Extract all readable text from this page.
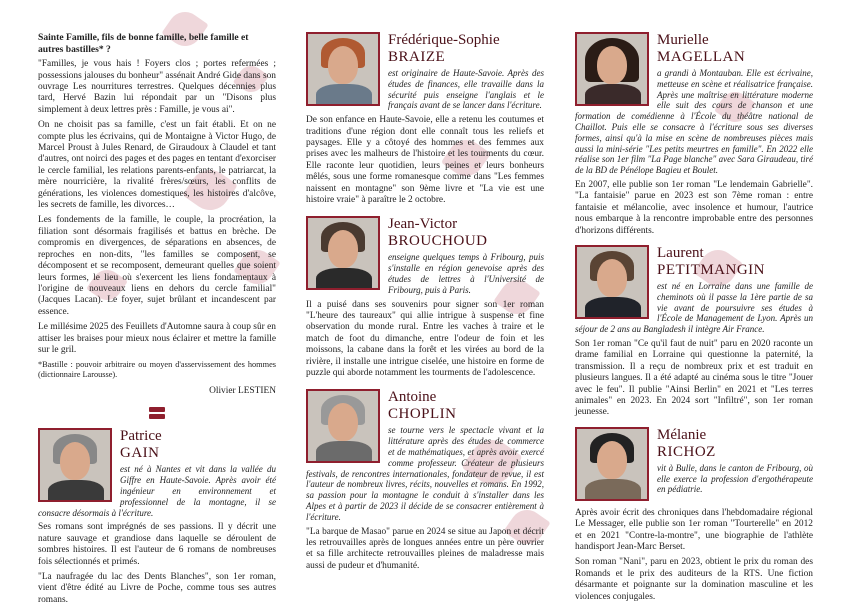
Sainte Famille, fils de bonne famille, belle famille et autres bastilles* ?

"Familles, je vous hais ! Foyers clos ; portes refermées ; possessions jalouses du bonheur" assénait André Gide dans son ouvrage Les nourritures terrestres. Quelques décennies plus tard, Hervé Bazin lui répondait par un "Disons plus simplement à deux lettres près : Famille, je vous ai".

On ne choisit pas sa famille, c'est un fait établi. Et on ne compte plus les écrivains, qui de Montaigne à Victor Hugo, de Marcel Proust à Jules Renard, de Giraudoux à Claudel et tant d'autres, ont noirci des pages et des pages en tentant d'exorciser le cercle familial, les relations parents-enfants, le patriarcat, la mère nourricière, la rivalité frères/sœurs, les conflits de générations, les violences domestiques, les histoires d'alcôve, les secrets de famille, les divorces…

Les fondements de la famille, le couple, la procréation, la filiation sont désormais fragilisés et battus en brèche. De compromis en divergences, de séparations en absences, de reproches en non-dits, "les familles se composent, se décomposent et se recomposent, demeurant quelles que soient leurs formes, le lieu où s'exercent les liens fondamentaux à l'origine de nouveaux liens en dehors du cercle familial" (Jacques Lacan). Le foyer, sujet brûlant et incandescent par essence.

Le millésime 2025 des Feuillets d'Automne saura à coup sûr en attiser les braises pour mieux nous éclairer et mettre la famille sur le gril.

*Bastille : pouvoir arbitraire ou moyen d'asservissement des hommes (dictionnaire Larousse).

Olivier LESTIEN
Patrice
GAIN

est né à Nantes et vit dans la vallée du Giffre en Haute-Savoie. Après avoir été ingénieur en environnement et professionnel de la montagne, il se consacre désormais à l'écriture.

Ses romans sont imprégnés de ses passions. Il y décrit une nature sauvage et grandiose dans laquelle se déroulent de sombres histoires. Il est l'auteur de 6 romans de nombreuses fois sélectionnés et primés.

"La naufragée du lac des Dents Blanches", son 1er roman, vient d'être édité au Livre de Poche, comme tous ses autres romans.

Frédérique-Sophie
BRAIZE

est originaire de Haute-Savoie. Après des études de finances, elle travaille dans la sécurité puis enseigne l'anglais et le français avant de se lancer dans l'écriture.

De son enfance en Haute-Savoie, elle a retenu les coutumes et traditions d'une région dont elle connaît tous les reliefs et paysages. Elle y a côtoyé des hommes et des femmes aux prises avec les malheurs de l'histoire et les tourments du cœur. Elle raconte leur quotidien, leurs peines et leurs bonheurs mêlés, sous une forme romanesque comme dans "Les femmes naissent en montagne" son 9ème livre et "La vie est une histoire vraie" à paraître le 2 octobre.

Jean-Victor
BROUCHOUD

enseigne quelques temps à Fribourg, puis s'installe en région genevoise après des études de lettres à l'Université de Fribourg, puis à Paris.

Il a puisé dans ses souvenirs pour signer son 1er roman "L'heure des taureaux" qui allie intrigue à suspense et fine observation du monde rural. Entre les vaches à traire et le match de foot du dimanche, entre l'odeur de foin et les moissons, la cabane dans la forêt et les virées au bord de la rivière, il installe une intrigue ciselée, une histoire en forme de puzzle qui aborde notamment les tourments de l'adolescence.

Antoine
CHOPLIN

se tourne vers le spectacle vivant et la littérature après des études de commerce et de mathématiques, et après avoir exercé comme professeur. Créateur de plusieurs festivals, de rencontres internationales, fondateur de revue, il est l'auteur de nombreux livres, récits, nouvelles et romans. En 1992, sa passion pour la montagne le conduit à s'installer dans les Alpes et à partir de 2023 il décide de se consacrer entièrement à l'écriture.

"La barque de Masao" parue en 2024 se situe au Japon et décrit les retrouvailles après de longues années entre un père ouvrier et sa fille architecte retrouvailles pleines de maladresse mais aussi de pudeur et d'humanité.

Murielle
MAGELLAN

a grandi à Montauban. Elle est écrivaine, metteuse en scène et réalisatrice française. Après une maîtrise en littérature moderne elle suit des cours de chanson et une formation de comédienne à l'École du théâtre national de Chaillot. Puis elle se consacre à l'écriture sous ses diverses formes, ainsi qu'à la mise en scène de nombreuses pièces mais aussi la mini-série "Les petits meurtres en famille". En 2022 elle réalise son 1er film "La Page blanche" avec Sara Giraudeau, tiré de la BD de Pénélope Bagieu et Boulet.

En 2007, elle publie son 1er roman "Le lendemain Gabrielle". "La fantaisie" parue en 2023 est son 7ème roman : entre fantaisie et mélancolie, avec insolence et humour, l'autrice nous embarque à la rencontre improbable entre des personnes d'horizons différents.

Laurent
PETITMANGIN

est né en Lorraine dans une famille de cheminots où il passe la 1ère partie de sa vie avant de poursuivre ses études à l'École de Management de Lyon. Après un séjour de 2 ans au Bangladesh il intègre Air France.

Son 1er roman "Ce qu'il faut de nuit" paru en 2020 raconte un drame familial en Lorraine qui questionne la paternité, la transmission. Il a reçu de nombreux prix et est traduit en plusieurs langues. Il a été adapté au cinéma sous le titre "Jouer avec le feu". Il publie "Ainsi Berlin" en 2021 et "Les terres animales" en 2023. En 2024 sort "Infiltré", son 1er roman jeunesse.

Mélanie
RICHOZ

vit à Bulle, dans le canton de Fribourg, où elle exerce la profession d'ergothérapeute en pédiatrie.

Après avoir écrit des chroniques dans l'hebdomadaire régional Le Messager, elle publie son 1er roman "Tourterelle" en 2012 et en 2021 "Contre-la-montre", une biographie de l'athlète handisport Jean-Marc Berset.

Son roman "Nani", paru en 2023, obtient le prix du roman des Romands et le prix des auditeurs de la RTS. Une fiction désarmante et poignante sur la domination masculine et les violences conjugales.
